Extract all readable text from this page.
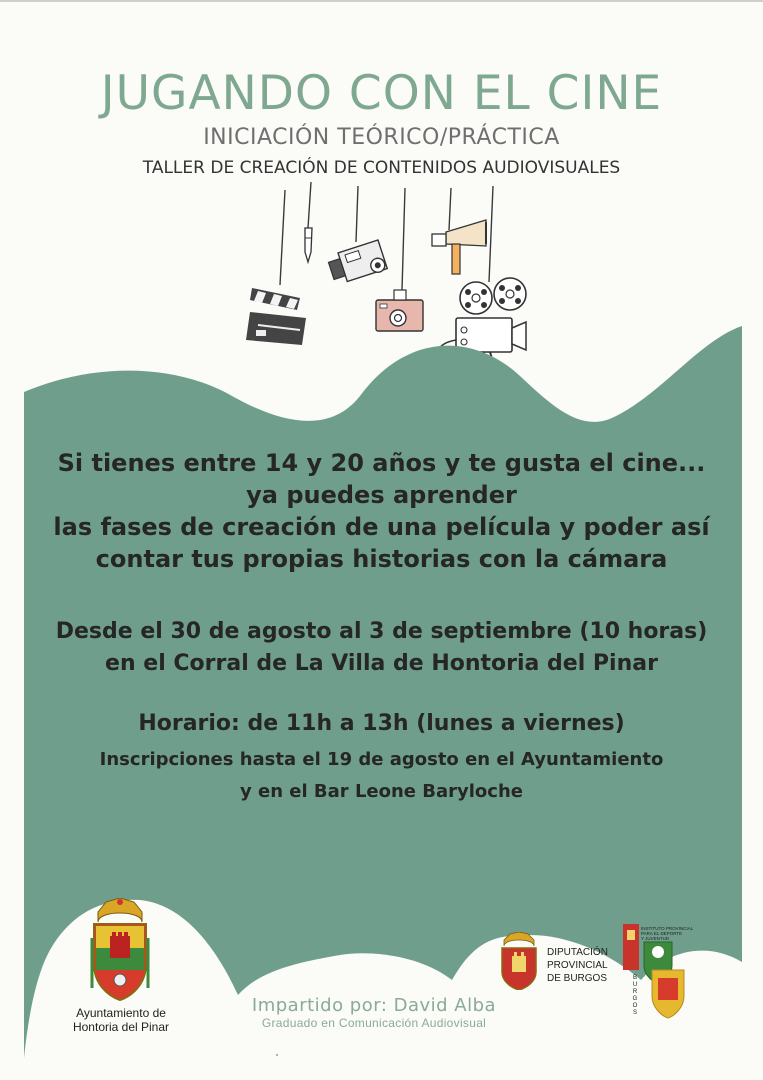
JUGANDO CON EL CINE
INICIACIÓN TEÓRICO/PRÁCTICA
TALLER DE CREACIÓN DE CONTENIDOS AUDIOVISUALES
Si tienes entre 14 y 20 años y te gusta el cine...
ya puedes aprender
las fases de creación de una película y poder así
contar tus propias historias con la cámara
Desde el 30 de agosto al 3 de septiembre (10 horas)
en el Corral de La Villa de Hontoria del Pinar
Horario: de 11h a 13h (lunes a viernes)
Inscripciones hasta el 19 de agosto en el Ayuntamiento
y en el Bar Leone Baryloche
Ayuntamiento de
Hontoria del Pinar
Impartido por: David Alba
Graduado en Comunicación Audiovisual
DIPUTACIÓN
PROVINCIAL
DE BURGOS
INSTITUTO PROVINCIAL
PARA EL DEPORTE
Y JUVENTUD
BURGOS
